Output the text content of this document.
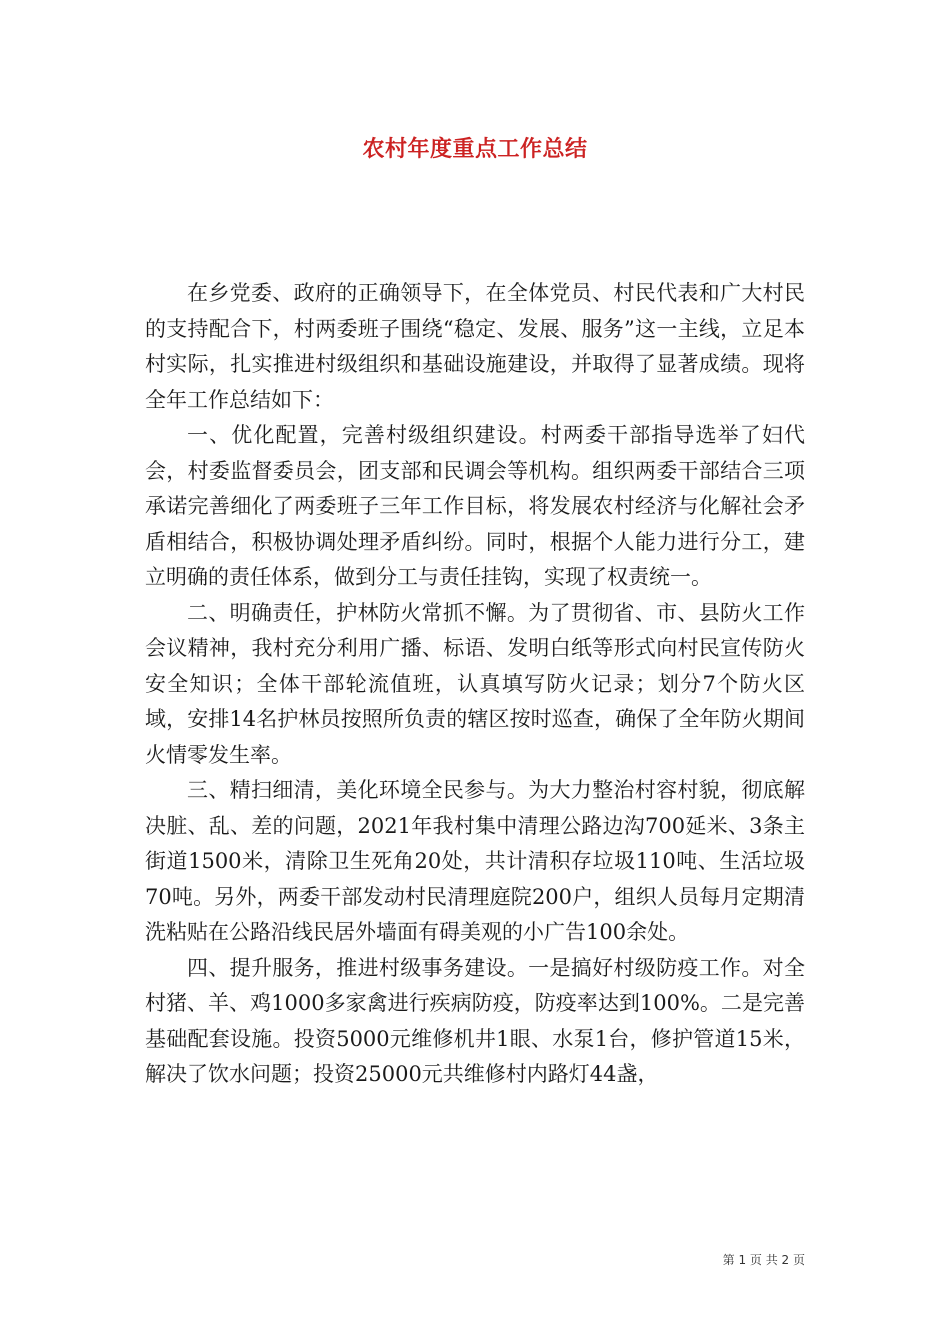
农村年度重点工作总结

在乡党委、政府的正确领导下，在全体党员、村民代表和广大村民的支持配合下，村两委班子围绕“稳定、发展、服务”这一主线，立足本村实际，扎实推进村级组织和基础设施建设，并取得了显著成绩。现将全年工作总结如下：

一、优化配置，完善村级组织建设。村两委干部指导选举了妇代会，村委监督委员会，团支部和民调会等机构。组织两委干部结合三项承诺完善细化了两委班子三年工作目标，将发展农村经济与化解社会矛盾相结合，积极协调处理矛盾纠纷。同时，根据个人能力进行分工，建立明确的责任体系，做到分工与责任挂钩，实现了权责统一。

二、明确责任，护林防火常抓不懈。为了贯彻省、市、县防火工作会议精神，我村充分利用广播、标语、发明白纸等形式向村民宣传防火安全知识；全体干部轮流值班，认真填写防火记录；划分7个防火区域，安排14名护林员按照所负责的辖区按时巡查，确保了全年防火期间火情零发生率。

三、精扫细清，美化环境全民参与。为大力整治村容村貌，彻底解决脏、乱、差的问题，2021年我村集中清理公路边沟700延米、3条主街道1500米，清除卫生死角20处，共计清积存垃圾110吨、生活垃圾70吨。另外，两委干部发动村民清理庭院200户，组织人员每月定期清洗粘贴在公路沿线民居外墙面有碍美观的小广告100余处。

四、提升服务，推进村级事务建设。一是搞好村级防疫工作。对全村猪、羊、鸡1000多家禽进行疾病防疫，防疫率达到100%。二是完善基础配套设施。投资5000元维修机井1眼、水泵1台，修护管道15米，解决了饮水问题；投资25000元共维修村内路灯44盏，

第 1 页 共 2 页
